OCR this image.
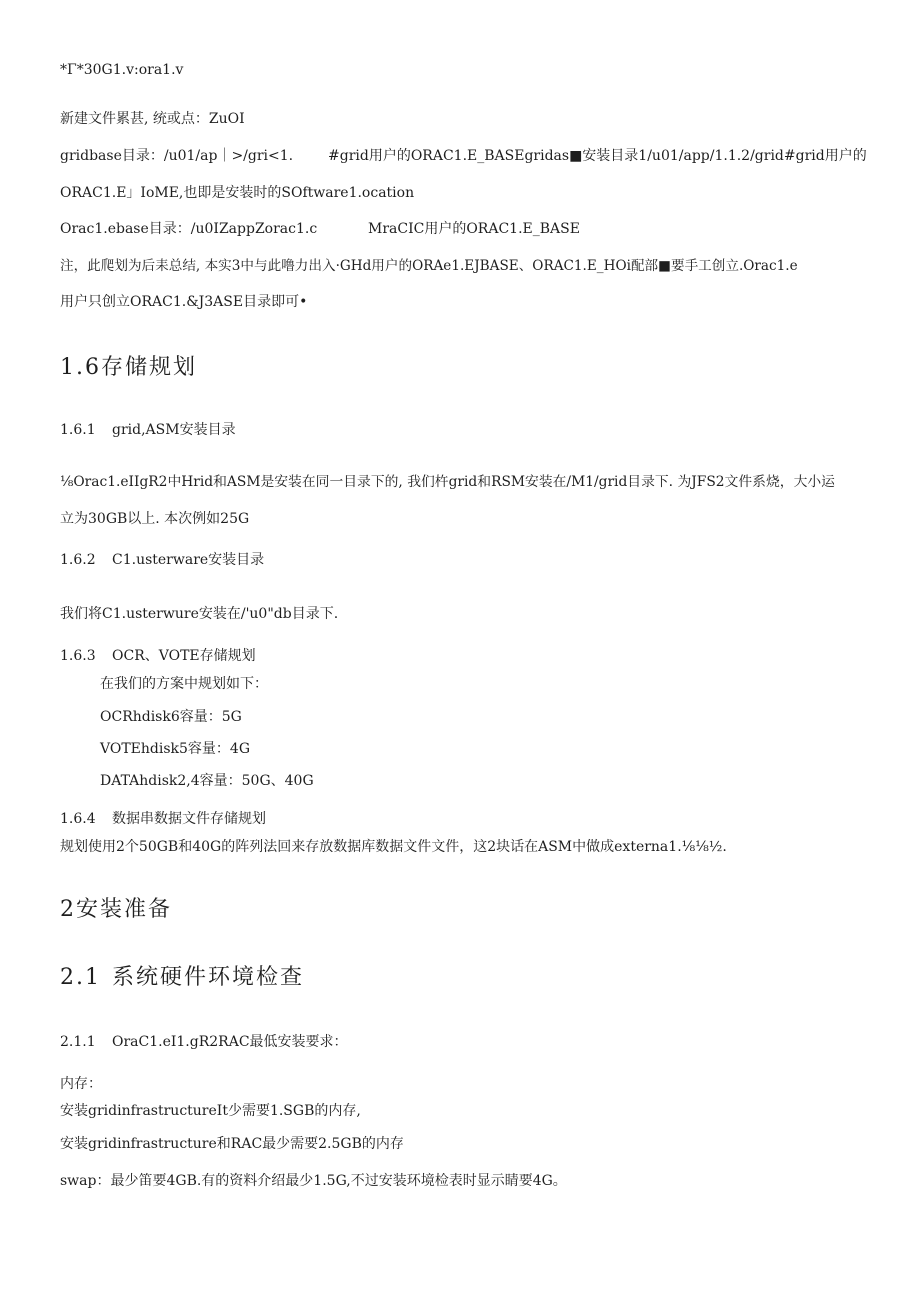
*Γ*30G1.v:ora1.v
新建文件累甚, 统或点：ZuOI
gridbase目录：/u01/ap｜>/gri<1. #grid用户的ORAC1.E_BASEgridas■安装目录1/u01/app/1.1.2/grid#grid用户的
ORAC1.E」IoME,也即是安装时的SOftware1.ocation
Orac1.ebase目录：/u0IZappZorac1.c	MraCIC用户的ORAC1.E_BASE
注，此爬划为后耒总结, 本实3中与此噜力出入·GHd用户的ORAe1.EJBASE、ORAC1.E_HOi配部■要手工创立.Orac1.e
用户只创立ORAC1.&J3ASE目录即可•
1.6存储规划
1.6.1 grid,ASM安装目录
⅛Orac1.eIIgR2中Hrid和ASM是安装在同一目录下的, 我们杵grid和RSM安装在/M1/grid目录下. 为JFS2文件系烧，大小运
立为30GB以上. 本次例如25G
1.6.2 C1.usterware安装目录
我们将C1.usterwure安装在/'u0"db目录下.
1.6.3 OCR、VOTE存储规划
在我们的方案中规划如下：
OCRhdisk6容量：5G
VOTEhdisk5容量：4G
DATAhdisk2,4容量：50G、40G
1.6.4 数据串数据文件存储规划
规划使用2个50GB和40G的阵列法回来存放数据库数据文件文件，这2块话在ASM中做成externa1.⅛⅛½.
2安装准备
2.1 系统硬件环境检查
2.1.1 OraC1.eI1.gR2RAC最低安装要求：
内存：
安装gridinfrastructureIt少需要1.SGB的内存,
安装gridinfrastructure和RAC最少需要2.5GB的内存
swap：最少笛要4GB.有的资料介绍最少1.5G,不过安装环境检表时显示睛要4G。
